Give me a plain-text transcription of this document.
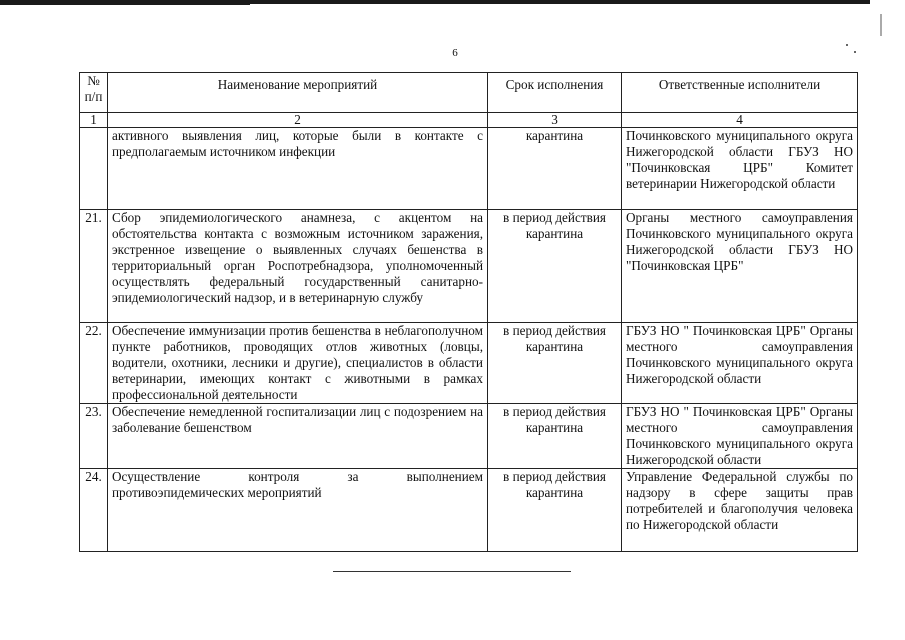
6
№ п/п	Наименование мероприятий	Срок исполнения	Ответственные исполнители
1	2	3	4

	активного выявления лиц, которые были в контакте с предполагаемым источником инфекции	карантина	Починковского муниципального округа Нижегородской области ГБУЗ НО "Починковская ЦРБ" Комитет ветеринарии Нижегородской области

21.	Сбор эпидемиологического анамнеза, с акцентом на обстоятельства контакта с возможным источником заражения, экстренное извещение о выявленных случаях бешенства в территориальный орган Роспотребнадзора, уполномоченный осуществлять федеральный государственный санитарно-эпидемиологический надзор, и в ветеринарную службу	в период действия карантина	Органы местного самоуправления Починковского муниципального округа Нижегородской области ГБУЗ НО "Починковская ЦРБ"

22.	Обеспечение иммунизации против бешенства в неблагополучном пункте работников, проводящих отлов животных (ловцы, водители, охотники, лесники и другие), специалистов в области ветеринарии, имеющих контакт с животными в рамках профессиональной деятельности	в период действия карантина	ГБУЗ НО " Починковская ЦРБ" Органы местного самоуправления Починковского муниципального округа Нижегородской области

23.	Обеспечение немедленной госпитализации лиц с подозрением на заболевание бешенством	в период действия карантина	ГБУЗ НО " Починковская ЦРБ" Органы местного самоуправления Починковского муниципального округа Нижегородской области

24.	Осуществление контроля за выполнением противоэпидемических мероприятий	в период действия карантина	Управление Федеральной службы по надзору в сфере защиты прав потребителей и благополучия человека по Нижегородской области
